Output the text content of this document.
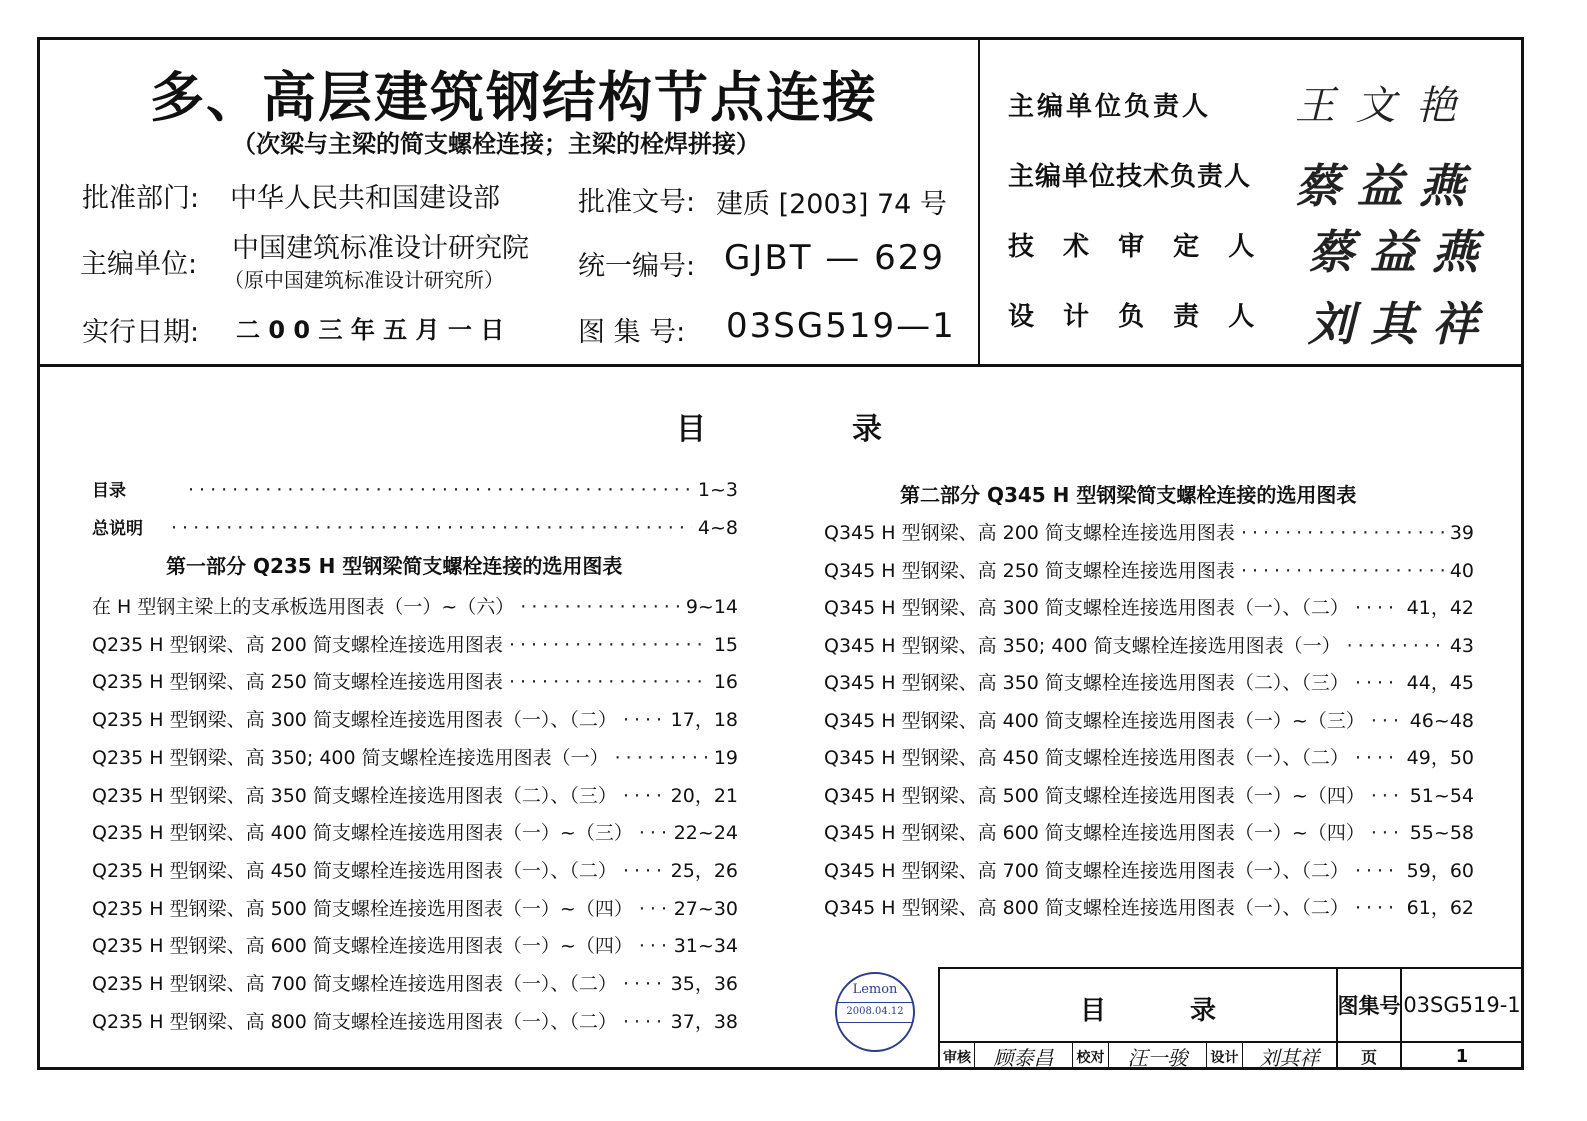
多、高层建筑钢结构节点连接
（次梁与主梁的简支螺栓连接；主梁的栓焊拼接）
批准部门: 中华人民共和国建设部	批准文号: 建质 [2003] 74 号
主编单位:
中国建筑标准设计研究院
（原中国建筑标准设计研究所）	统一编号: GJBT — 629
实行日期: 二 0 0 三 年 五 月 一 日	图 集 号: 03SG519—1
主编单位负责人 王 文 艳
主编单位技术负责人 蔡 益 燕
技 术 审 定 人 蔡 益 燕
设 计 负 责 人 刘 其 祥
目	录
目录 ·····	1~3
总说明 ·····	4~8
第一部分 Q235 H 型钢梁简支螺栓连接的选用图表
在 H 型钢主梁上的支承板选用图表（一）~（六） ·····	9~14
Q235 H 型钢梁、高 200 简支螺栓连接选用图表 ·····	15
Q235 H 型钢梁、高 250 简支螺栓连接选用图表 ·····	16
Q235 H 型钢梁、高 300 简支螺栓连接选用图表（一）、（二） ·····	17，18
Q235 H 型钢梁、高 350; 400 简支螺栓连接选用图表（一） ·····	19
Q235 H 型钢梁、高 350 简支螺栓连接选用图表（二）、（三） ·····	20，21
Q235 H 型钢梁、高 400 简支螺栓连接选用图表（一）~（三） ····· 22~24
Q235 H 型钢梁、高 450 简支螺栓连接选用图表（一）、（二） ·····	25，26
Q235 H 型钢梁、高 500 简支螺栓连接选用图表（一）~（四） ····· 27~30
Q235 H 型钢梁、高 600 简支螺栓连接选用图表（一）~（四） ····· 31~34
Q235 H 型钢梁、高 700 简支螺栓连接选用图表（一）、（二） ·····	35，36
Q235 H 型钢梁、高 800 简支螺栓连接选用图表（一）、（二） ·····	37，38
第二部分 Q345 H 型钢梁简支螺栓连接的选用图表
Q345 H 型钢梁、高 200 简支螺栓连接选用图表 ·····	39
Q345 H 型钢梁、高 250 简支螺栓连接选用图表 ·····	40
Q345 H 型钢梁、高 300 简支螺栓连接选用图表（一）、（二） ·····	41，42
Q345 H 型钢梁、高 350; 400 简支螺栓连接选用图表（一） ·····	43
Q345 H 型钢梁、高 350 简支螺栓连接选用图表（二）、（三） ·····	44，45
Q345 H 型钢梁、高 400 简支螺栓连接选用图表（一）~（三） ····· 46~48
Q345 H 型钢梁、高 450 简支螺栓连接选用图表（一）、（二） ·····	49，50
Q345 H 型钢梁、高 500 简支螺栓连接选用图表（一）~（四） ····· 51~54
Q345 H 型钢梁、高 600 简支螺栓连接选用图表（一）~（四） ····· 55~58
Q345 H 型钢梁、高 700 简支螺栓连接选用图表（一）、（二） ·····	59，60
Q345 H 型钢梁、高 800 简支螺栓连接选用图表（一）、（二） ·····	61，62
Lemon
2008.04.12	目	录	图集号 03SG519-1
审核	顾泰昌	校对	汪一骏	设计	刘其祥	页	1
